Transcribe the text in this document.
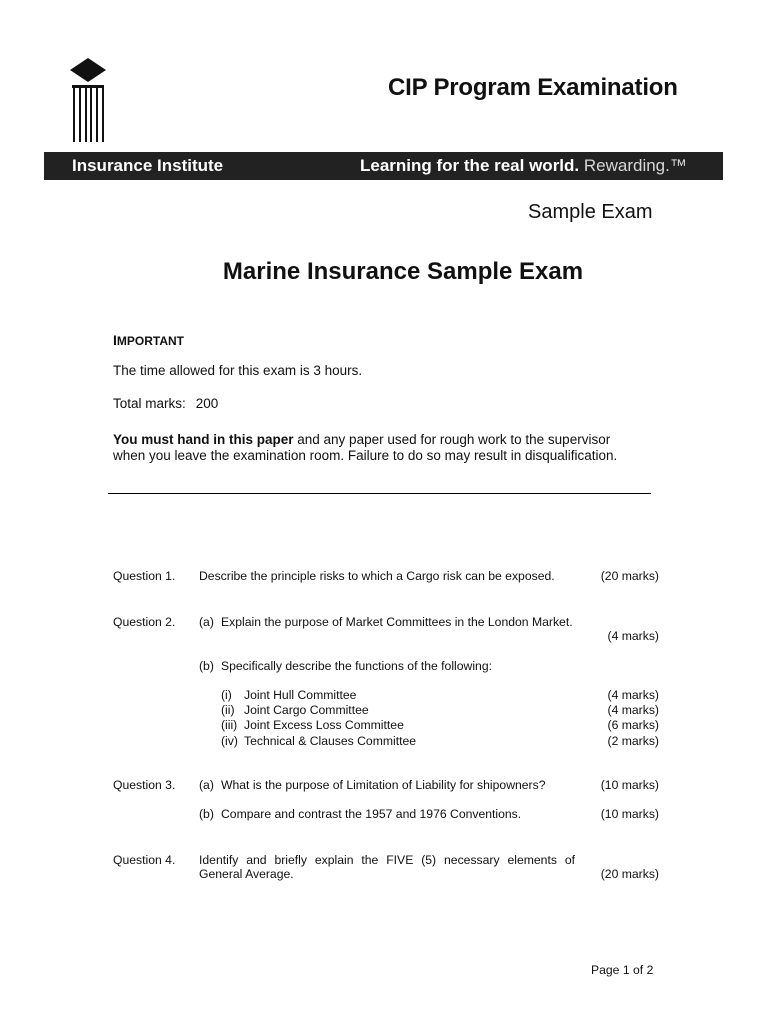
CIP Program Examination
Insurance Institute	Learning for the real world. Rewarding.™
Sample Exam
Marine Insurance Sample Exam
IMPORTANT
The time allowed for this exam is 3 hours.
Total marks: 200
You must hand in this paper and any paper used for rough work to the supervisor
when you leave the examination room. Failure to do so may result in disqualification.
Question 1. Describe the principle risks to which a Cargo risk can be exposed.	(20 marks)
Question 2. (a) Explain the purpose of Market Committees in the London Market.
(4 marks)
(b) Specifically describe the functions of the following:
(i) Joint Hull Committee	(4 marks)
(ii) Joint Cargo Committee	(4 marks)
(iii) Joint Excess Loss Committee	(6 marks)
(iv) Technical & Clauses Committee	(2 marks)
Question 3. (a) What is the purpose of Limitation of Liability for shipowners?	(10 marks)
(b) Compare and contrast the 1957 and 1976 Conventions.	(10 marks)
Question 4. Identify and briefly explain the FIVE (5) necessary elements of General Average.	(20 marks)
Page 1 of 2
